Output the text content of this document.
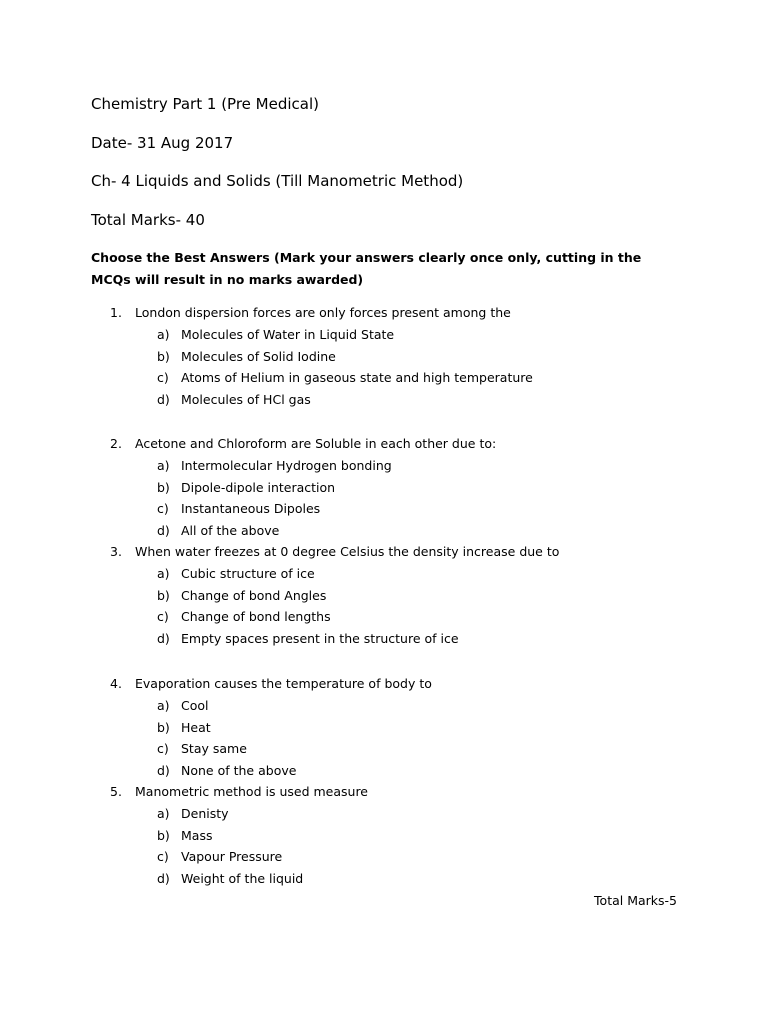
Chemistry Part 1 (Pre Medical)
Date- 31 Aug 2017
Ch- 4 Liquids and Solids (Till Manometric Method)
Total Marks- 40
Choose the Best Answers (Mark your answers clearly once only, cutting in the MCQs will result in no marks awarded)
1. London dispersion forces are only forces present among the
a) Molecules of Water in Liquid State
b) Molecules of Solid Iodine
c) Atoms of Helium in gaseous state and high temperature
d) Molecules of HCl gas
2. Acetone and Chloroform are Soluble in each other due to:
a) Intermolecular Hydrogen bonding
b) Dipole-dipole interaction
c) Instantaneous Dipoles
d) All of the above
3. When water freezes at 0 degree Celsius the density increase due to
a) Cubic structure of ice
b) Change of bond Angles
c) Change of bond lengths
d) Empty spaces present in the structure of ice
4. Evaporation causes the temperature of body to
a) Cool
b) Heat
c) Stay same
d) None of the above
5. Manometric method is used measure
a) Denisty
b) Mass
c) Vapour Pressure
d) Weight of the liquid
Total Marks-5
